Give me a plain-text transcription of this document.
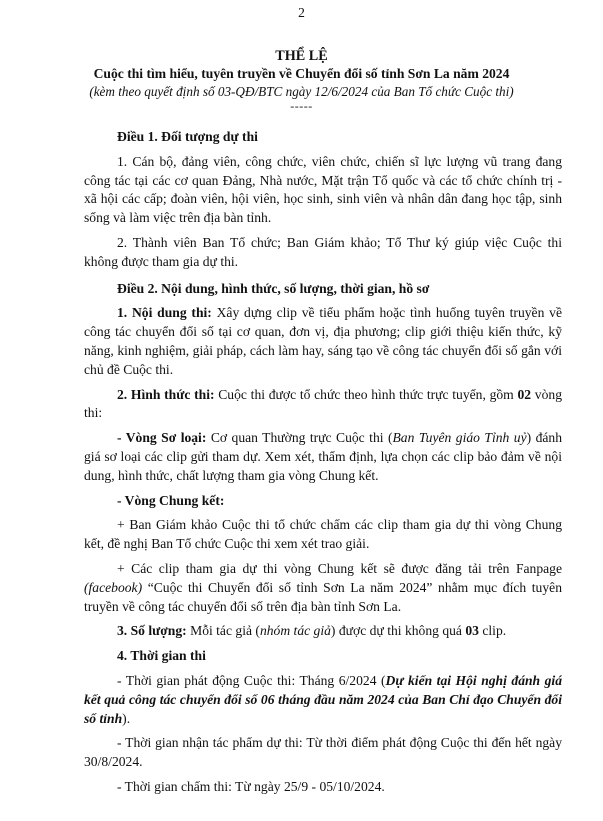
2
THỂ LỆ
Cuộc thi tìm hiểu, tuyên truyền về Chuyển đổi số tỉnh Sơn La năm 2024
(kèm theo quyết định số 03-QĐ/BTC ngày 12/6/2024 của Ban Tổ chức Cuộc thi)
-----

Điều 1. Đối tượng dự thi

1. Cán bộ, đảng viên, công chức, viên chức, chiến sĩ lực lượng vũ trang đang công tác tại các cơ quan Đảng, Nhà nước, Mặt trận Tổ quốc và các tổ chức chính trị - xã hội các cấp; đoàn viên, hội viên, học sinh, sinh viên và nhân dân đang học tập, sinh sống và làm việc trên địa bàn tỉnh.

2. Thành viên Ban Tổ chức; Ban Giám khảo; Tổ Thư ký giúp việc Cuộc thi không được tham gia dự thi.

Điều 2. Nội dung, hình thức, số lượng, thời gian, hồ sơ

1. Nội dung thi: Xây dựng clip về tiểu phẩm hoặc tình huống tuyên truyền về công tác chuyển đổi số tại cơ quan, đơn vị, địa phương; clip giới thiệu kiến thức, kỹ năng, kinh nghiệm, giải pháp, cách làm hay, sáng tạo về công tác chuyển đổi số gắn với chủ đề Cuộc thi.

2. Hình thức thi: Cuộc thi được tổ chức theo hình thức trực tuyến, gồm 02 vòng thi:

- Vòng Sơ loại: Cơ quan Thường trực Cuộc thi (Ban Tuyên giáo Tỉnh uỷ) đánh giá sơ loại các clip gửi tham dự. Xem xét, thẩm định, lựa chọn các clip bảo đảm về nội dung, hình thức, chất lượng tham gia vòng Chung kết.

- Vòng Chung kết:

+ Ban Giám khảo Cuộc thi tổ chức chấm các clip tham gia dự thi vòng Chung kết, đề nghị Ban Tổ chức Cuộc thi xem xét trao giải.

+ Các clip tham gia dự thi vòng Chung kết sẽ được đăng tải trên Fanpage (facebook) “Cuộc thi Chuyển đổi số tỉnh Sơn La năm 2024” nhằm mục đích tuyên truyền về công tác chuyển đổi số trên địa bàn tỉnh Sơn La.

3. Số lượng: Mỗi tác giả (nhóm tác giả) được dự thi không quá 03 clip.

4. Thời gian thi

- Thời gian phát động Cuộc thi: Tháng 6/2024 (Dự kiến tại Hội nghị đánh giá kết quả công tác chuyển đổi số 06 tháng đầu năm 2024 của Ban Chỉ đạo Chuyển đổi số tỉnh).

- Thời gian nhận tác phẩm dự thi: Từ thời điểm phát động Cuộc thi đến hết ngày 30/8/2024.

- Thời gian chấm thi: Từ ngày 25/9 - 05/10/2024.
